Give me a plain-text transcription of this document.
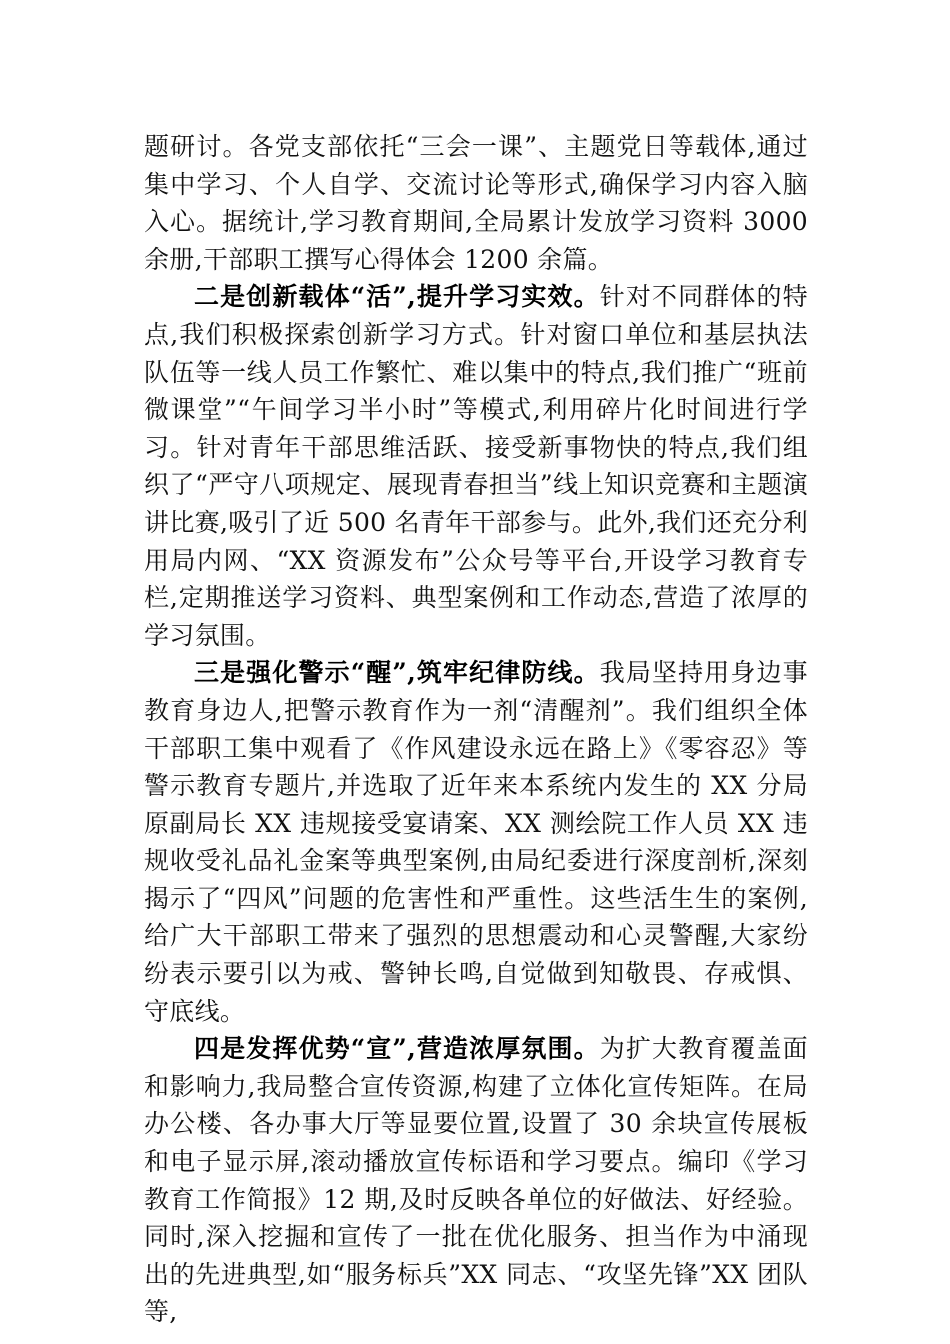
题研讨。各党支部依托“三会一课”、主题党日等载体,通过集中学习、个人自学、交流讨论等形式,确保学习内容入脑入心。据统计,学习教育期间,全局累计发放学习资料 3000 余册,干部职工撰写心得体会 1200 余篇。

二是创新载体“活”,提升学习实效。针对不同群体的特点,我们积极探索创新学习方式。针对窗口单位和基层执法队伍等一线人员工作繁忙、难以集中的特点,我们推广“班前微课堂”“午间学习半小时”等模式,利用碎片化时间进行学习。针对青年干部思维活跃、接受新事物快的特点,我们组织了“严守八项规定、展现青春担当”线上知识竞赛和主题演讲比赛,吸引了近 500 名青年干部参与。此外,我们还充分利用局内网、“XX 资源发布”公众号等平台,开设学习教育专栏,定期推送学习资料、典型案例和工作动态,营造了浓厚的学习氛围。

三是强化警示“醒”,筑牢纪律防线。我局坚持用身边事教育身边人,把警示教育作为一剂“清醒剂”。我们组织全体干部职工集中观看了《作风建设永远在路上》《零容忍》等警示教育专题片,并选取了近年来本系统内发生的 XX 分局原副局长 XX 违规接受宴请案、XX 测绘院工作人员 XX 违规收受礼品礼金案等典型案例,由局纪委进行深度剖析,深刻揭示了“四风”问题的危害性和严重性。这些活生生的案例,给广大干部职工带来了强烈的思想震动和心灵警醒,大家纷纷表示要引以为戒、警钟长鸣,自觉做到知敬畏、存戒惧、守底线。

四是发挥优势“宣”,营造浓厚氛围。为扩大教育覆盖面和影响力,我局整合宣传资源,构建了立体化宣传矩阵。在局办公楼、各办事大厅等显要位置,设置了 30 余块宣传展板和电子显示屏,滚动播放宣传标语和学习要点。编印《学习教育工作简报》12 期,及时反映各单位的好做法、好经验。同时,深入挖掘和宣传了一批在优化服务、担当作为中涌现出的先进典型,如“服务标兵”XX 同志、“攻坚先锋”XX 团队等,
